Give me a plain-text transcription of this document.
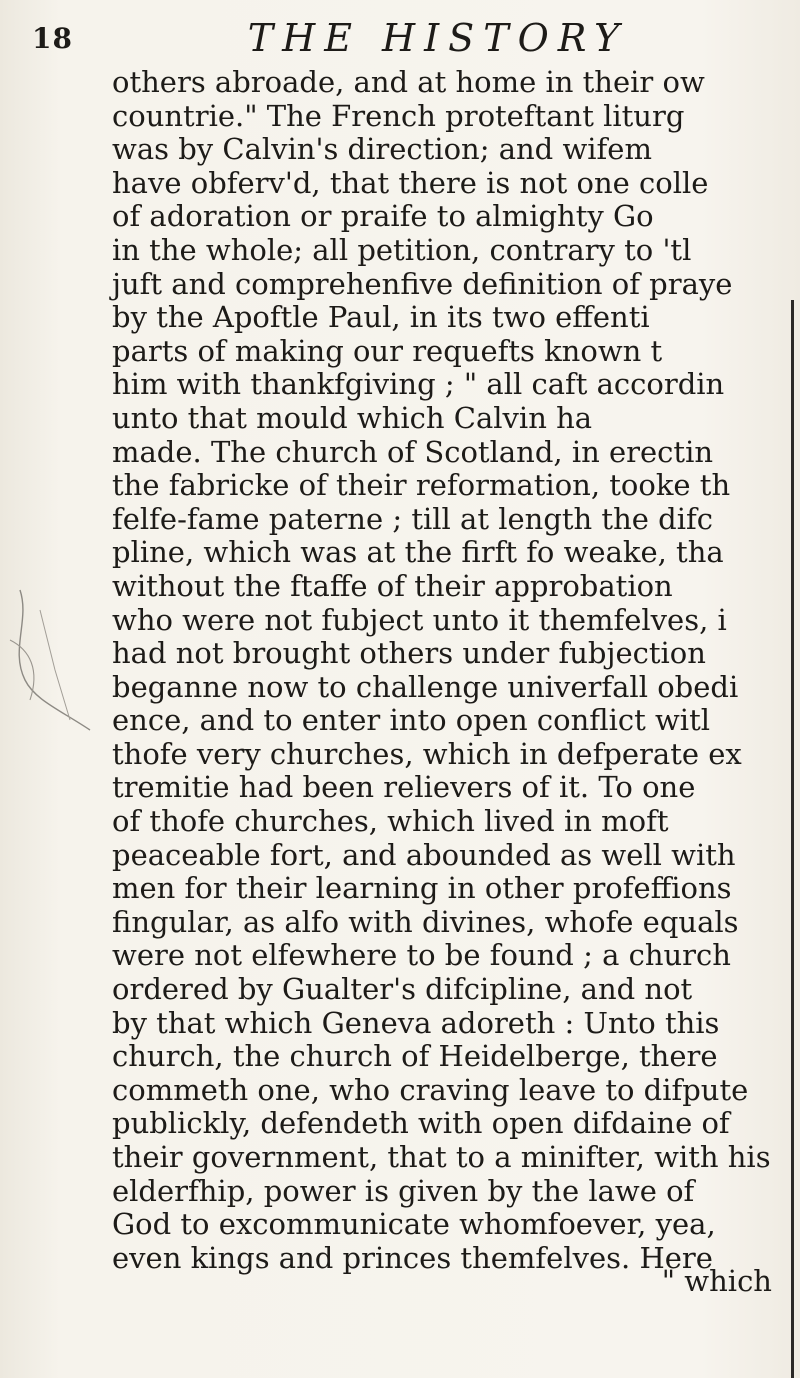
18	THE HISTORY
others abroade, and at home in their ow
countrie." The French proteftant liturg
was by Calvin's direction; and wifem
have obferv'd, that there is not one colle
of adoration or praife to almighty Go
in the whole; all petition, contrary to 'tl
juft and comprehenfive definition of praye
by the Apoftle Paul, in its two effenti
parts of making our requefts known t
him with thankfgiving ; " all caft accordin
unto that mould which Calvin ha
made. The church of Scotland, in erectin
the fabricke of their reformation, tooke th
felfe-fame paterne ; till at length the difc
pline, which was at the firft fo weake, tha
without the ftaffe of their approbation
who were not fubject unto it themfelves, i
had not brought others under fubjection
beganne now to challenge univerfall obedi
ence, and to enter into open conflict witl
thofe very churches, which in defperate ex
tremitie had been relievers of it. To one
of thofe churches, which lived in moft
peaceable fort, and abounded as well with
men for their learning in other profeffions
fingular, as alfo with divines, whofe equals
were not elfewhere to be found ; a church
ordered by Gualter's difcipline, and not
by that which Geneva adoreth : Unto this
church, the church of Heidelberge, there
commeth one, who craving leave to difpute
publickly, defendeth with open difdaine of
their government, that to a minifter, with his
elderfhip, power is given by the lawe of
God to excommunicate whomfoever, yea,
even kings and princes themfelves. Here
" which
